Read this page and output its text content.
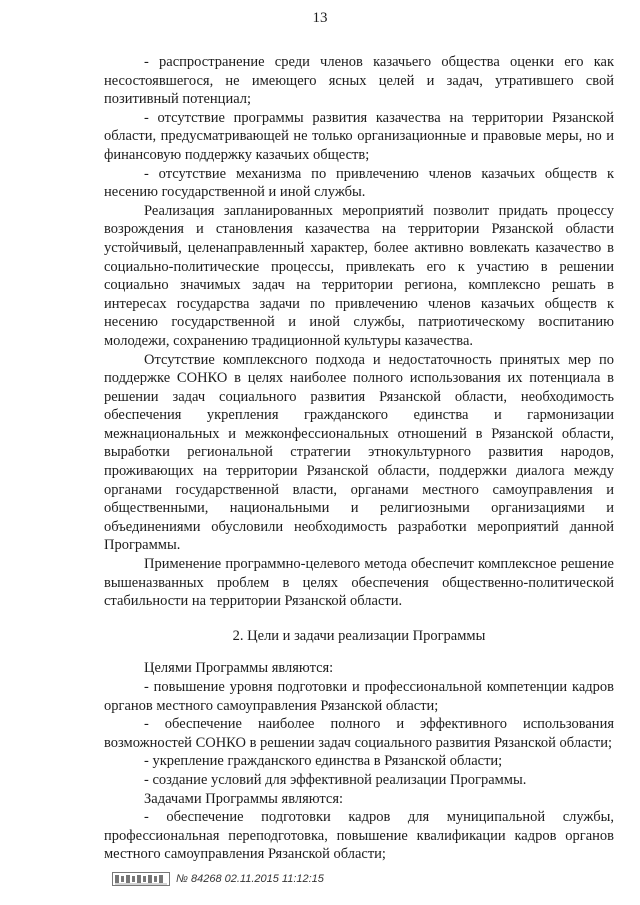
13

- распространение среди членов казачьего общества оценки его как несостоявшегося, не имеющего ясных целей и задач, утратившего свой позитивный потенциал;

- отсутствие программы развития казачества на территории Рязанской области, предусматривающей не только организационные и правовые меры, но и финансовую поддержку казачьих обществ;

- отсутствие механизма по привлечению членов казачьих обществ к несению государственной и иной службы.

Реализация запланированных мероприятий позволит придать процессу возрождения и становления казачества на территории Рязанской области устойчивый, целенаправленный характер, более активно вовлекать казачество в социально-политические процессы, привлекать его к участию в решении социально значимых задач на территории региона, комплексно решать в интересах государства задачи по привлечению членов казачьих обществ к несению государственной и иной службы, патриотическому воспитанию молодежи, сохранению традиционной культуры казачества.

Отсутствие комплексного подхода и недостаточность принятых мер по поддержке СОНКО в целях наиболее полного использования их потенциала в решении задач социального развития Рязанской области, необходимость обеспечения укрепления гражданского единства и гармонизации межнациональных и межконфессиональных отношений в Рязанской области, выработки региональной стратегии этнокультурного развития народов, проживающих на территории Рязанской области, поддержки диалога между органами государственной власти, органами местного самоуправления и общественными, национальными и религиозными организациями и объединениями обусловили необходимость разработки мероприятий данной Программы.

Применение программно-целевого метода обеспечит комплексное решение вышеназванных проблем в целях обеспечения общественно-политической стабильности на территории Рязанской области.

2. Цели и задачи реализации Программы

Целями Программы являются:

- повышение уровня подготовки и профессиональной компетенции кадров органов местного самоуправления Рязанской области;

- обеспечение наиболее полного и эффективного использования возможностей СОНКО в решении задач социального развития Рязанской области;

- укрепление гражданского единства в Рязанской области;

- создание условий для эффективной реализации Программы.

Задачами Программы являются:

- обеспечение подготовки кадров для муниципальной службы, профессиональная переподготовка, повышение квалификации кадров органов местного самоуправления Рязанской области;

№ 84268 02.11.2015 11:12:15
